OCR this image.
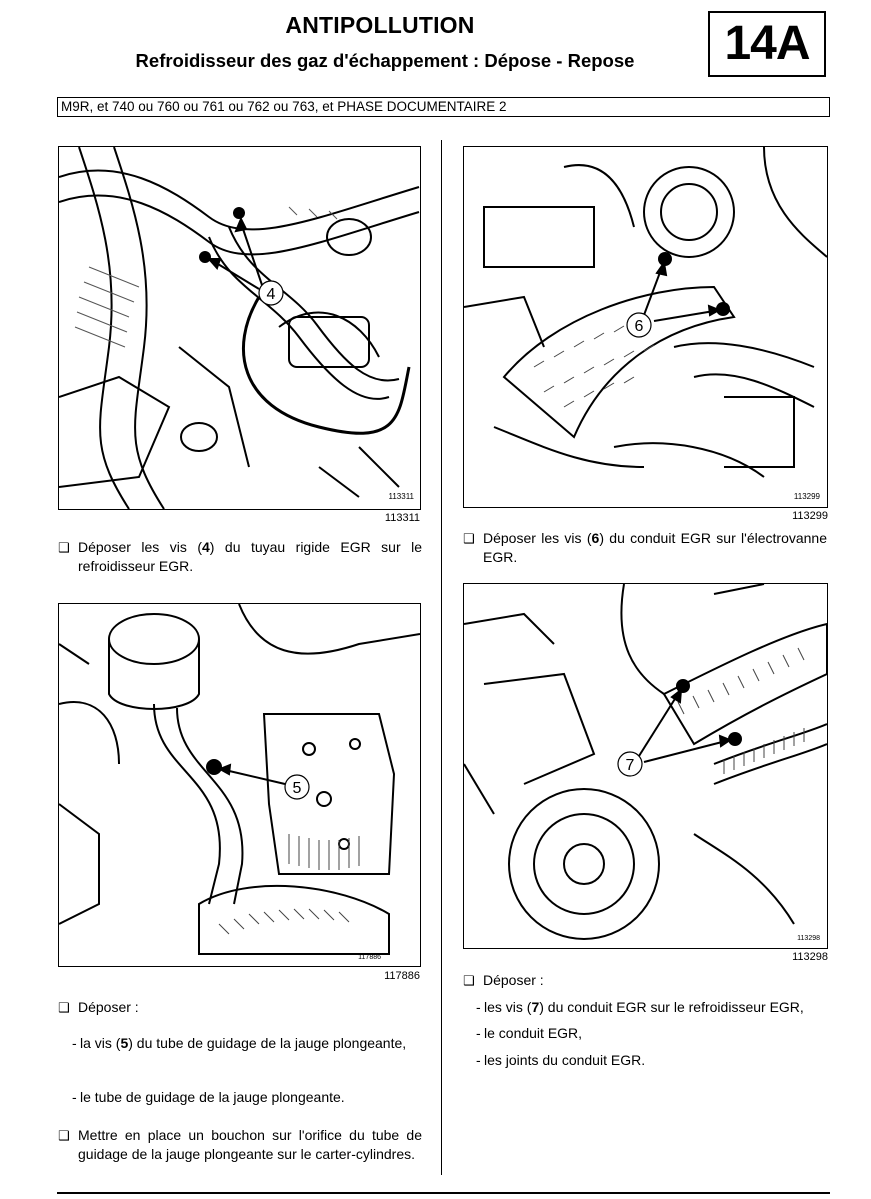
ANTIPOLLUTION
Refroidisseur des gaz d'échappement : Dépose - Repose	14A
M9R, et 740 ou 760 ou 761 ou 762 ou 763, et PHASE DOCUMENTAIRE 2
4
113311
113311
6
113299
113299
❑ Déposer les vis (4) du tuyau rigide EGR sur le refroidisseur EGR.
❑ Déposer les vis (6) du conduit EGR sur l'électrovanne EGR.
5
117886
117886
7
113298
113298
❑ Déposer :
- la vis (5) du tube de guidage de la jauge plongeante,
- le tube de guidage de la jauge plongeante.
❑ Mettre en place un bouchon sur l'orifice du tube de guidage de la jauge plongeante sur le carter-cylindres.
❑ Déposer :
- les vis (7) du conduit EGR sur le refroidisseur EGR,
- le conduit EGR,
- les joints du conduit EGR.
